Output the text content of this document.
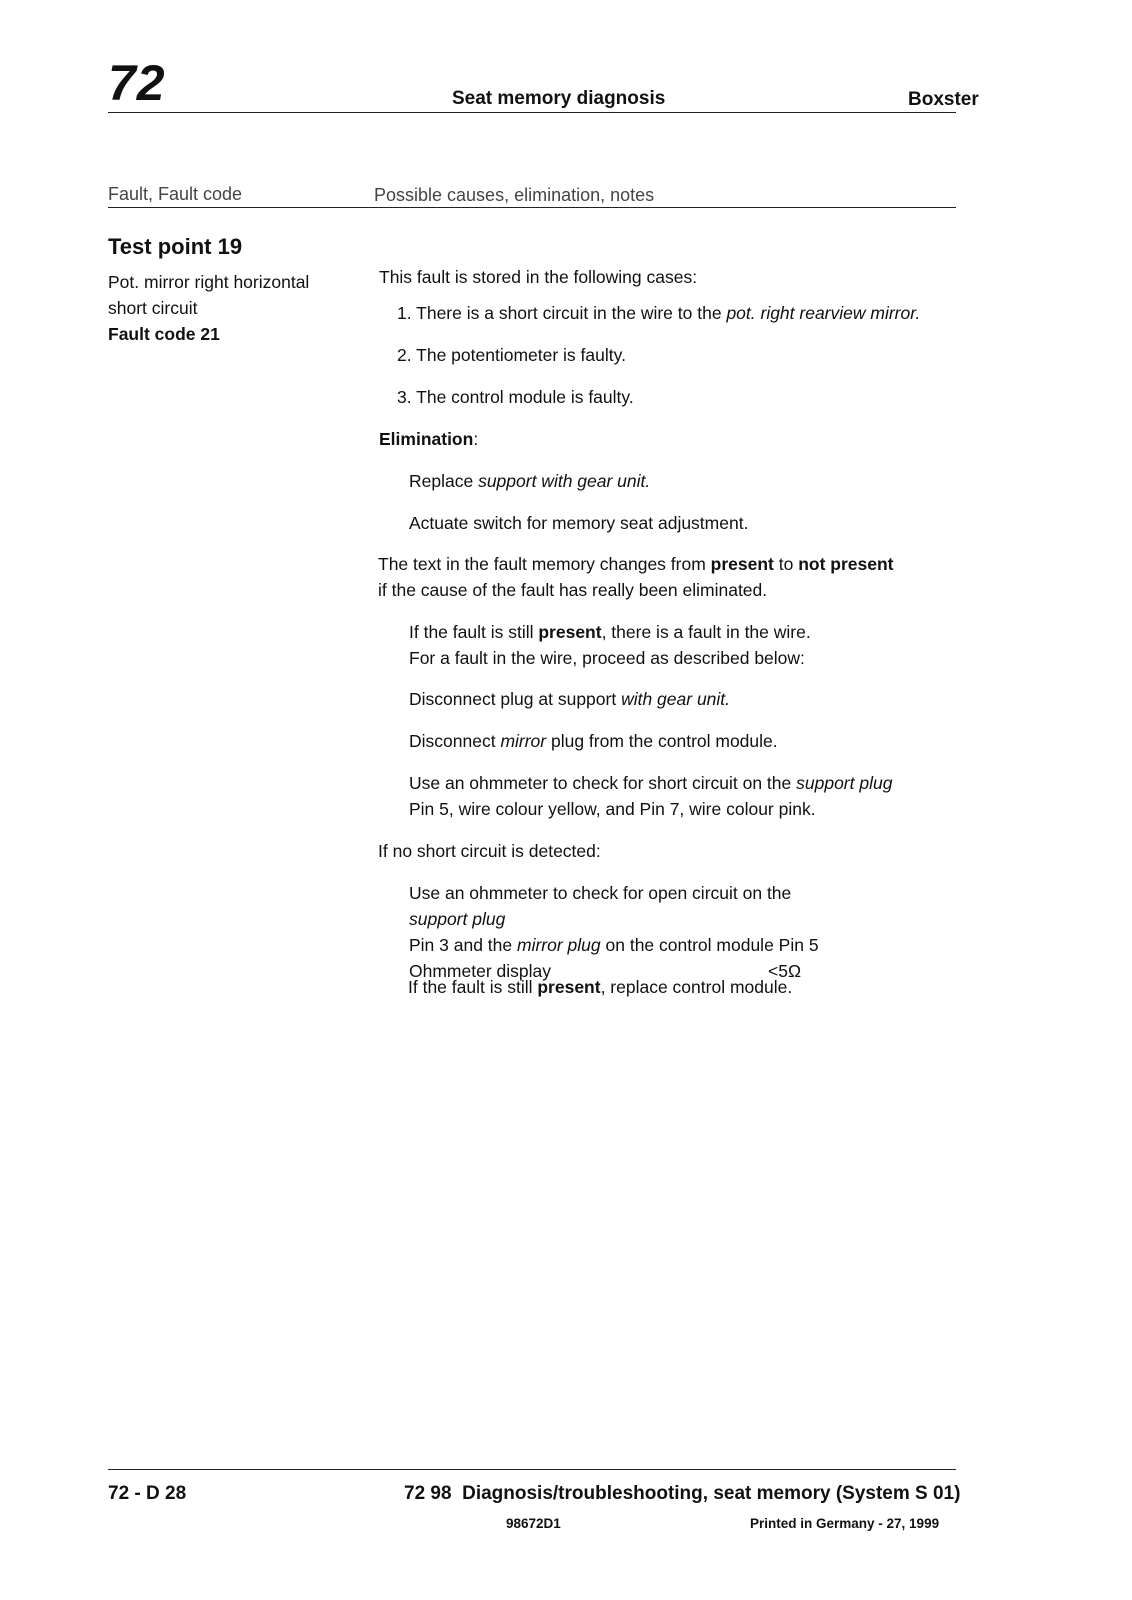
72	Seat memory diagnosis	Boxster
Fault, Fault code	Possible causes, elimination, notes
Test point 19
Pot. mirror right horizontal
short circuit
Fault code 21
This fault is stored in the following cases:
1. There is a short circuit in the wire to the pot. right rearview mirror.
2. The potentiometer is faulty.
3. The control module is faulty.
Elimination:
Replace support with gear unit.
Actuate switch for memory seat adjustment.
The text in the fault memory changes from present to not present
if the cause of the fault has really been eliminated.
If the fault is still present, there is a fault in the wire.
For a fault in the wire, proceed as described below:
Disconnect plug at support with gear unit.
Disconnect mirror plug from the control module.
Use an ohmmeter to check for short circuit on the support plug
Pin 5, wire colour yellow, and Pin 7, wire colour pink.
If no short circuit is detected:
Use an ohmmeter to check for open circuit on the support plug
Pin 3 and the mirror plug on the control module Pin 5
Ohmmeter display	<5Ω
If the fault is still present, replace control module.
72 - D 28	72 98  Diagnosis/troubleshooting, seat memory (System S 01)
98672D1	Printed in Germany - 27, 1999
